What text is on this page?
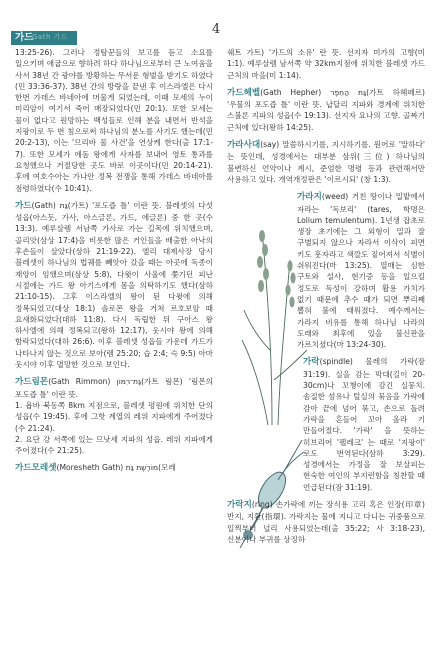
가드
Gath 가드	4

13:25-26). 그러나 정탐꾼들의 보고를 듣고 소요를 일으키며 애굽으로 향하려 하다 하나님으로부터 큰 노여움을 사서 38년 간 광야를 방황하는 무서운 형벌을 받기도 하였다(민 33:36-37). 38년 간의 방랑을 끝낸 후 이스라엘은 다시 한번 가데스 바네아에 머물게 되었는데, 이때 모세의 누이 미리암이 여기서 죽어 매장되었다(민 20:1). 또한 모세는 물이 없다고 원망하는 백성들로 인해 분을 내면서 반석을 지팡이로 두 번 침으로써 하나님의 분노를 사기도 했는데(민 20:2-13), 이는 '므리바 물 사건'을 연상케 한다(출 17:1-7). 또한 모세가 에돔 왕에게 사자를 보내어 영토 통과를 요청했으나 거절당한 곳도 바로 이곳이다(민 20:14-21). 후에 여호수아는 가나안 정복 전쟁을 통해 가데스 바네아를 점령하였다(수 10:41).

가드(Gath) גַּת(가트) '포도즙 틀' 이란 뜻. 블레셋의 다섯 성읍(아스돗, 가사, 아스글론, 가드, 에글론) 중 한 곳(수 13:3). 예루살렘 서남쪽 가사로 가는 길목에 위치했으며, 골리앗(삼상 17:4)을 비롯한 많은 거인들을 배출한 아낙의 후손들이 살았다(삼하 21:19-22). 엘리 대제사장 당시 블레셋이 하나님의 법궤를 빼앗아 갔을 때는 아곳에 독종이 재앙이 임했으며(삼상 5:8), 다윗이 사울에 쫓기던 피난 시절에는 가드 왕 아기스에게 몸을 의탁하기도 했다(삼하 21:10-15). 그후 이스라엘의 왕이 된 다윗에 의해 정복되었고(대상 18:1) 솔로몬 왕을 거쳐 르호보암 때 요새화되었다(대하 11:8). 다시 독립한 뒤 구아스 왕 하사엘에 의해 정복되고(왕하 12:17), 웃시야 왕에 의해 함락되었다(대하 26:6). 이후 블레셋 성읍들 가운데 가드가 나타나지 않는 것으로 보아(렘 25:20; 습 2:4; 슥 9:5) 아마 웃시야 이후 멸망한 것으로 보인다.

가드림몬(Gath Rimmon) גַּת־רִמּוֹן(가트 림몬) '림몬의 포도즙 틀' 이란 뜻.
1. 욥바 북동쪽 8km 지점으로, 블레셋 평원에 위치한 단의 성읍(수 19:45). 후에 그핫 계열의 레위 지파에게 주어졌다(수 21:24).
2. 요단 강 서쪽에 있는 므낫세 지파의 성읍. 레위 지파에게 주어졌다(수 21:25).

가드모레셋(Moresheth Gath) מוֹרֶשֶׁת גַּת(모레

쉐트 가트) '가드의 소유' 란 뜻. 선지자 미가의 고향(미 1:1). 예루살렘 남서쪽 약 32km지점에 위치한 블레셋 가드 근처의 마을(미 1:14).

가드헤벨(Gath Hepher) גַּת הַחֵפֶר(가트 하헤페르) '우물의 포도즙 틀' 이란 뜻. 납달리 지파와 경계에 위치한 스불론 지파의 성읍(수 19:13). 선지자 요나의 고향. 골짜기 근처에 있다(왕하 14:25).

가라사대(say) 말씀하시기를, 지시하기를. 원어로 '말하다' 는 뜻인데, 성경에서는 대부분 삼위(三位) 하나님의 불변하신 언약이나 계시, 준엄한 명령 등과 관련해서만 사용하고 있다. 개역개정판은 '이르시되' (창 1:3).

가라지(weed) 거친 땅이나 밀밭에서 자라는 '독보리' (tares, 학명은 Lolium temulentum). 1년생 잡초로 생장 초기에는 그 외형이 밀과 잘 구별되지 않으나 자라서 이삭이 피면 키도 훗자라고 색깔도 짙어져서 식별이 쉬워진다(마 13:25). 열매는 심한 구토와 설사, 현기증 등을 일으킬 정도로 독성이 강하며 활용 가치가 없기 때문에 추수 때가 되면 뿌리째 뽑혀 불에 태워졌다. 예수께서는 가라지 비유를 통해 하나님 나라의 도래와 최후에 있을 불신판을 가르치셨다(마 13:24-30).

가락(spindle) 물레의 가락(잠 31:19). 실을 감는 막대(길이 20-30cm)나 꼬챙이에 감긴 실뭉치. 솜질한 섬유나 털실의 묶음을 가락에 감아 끝에 넘어 묶고, 손으로 돌려 가락을 흔들어 꼬아 올라 기 만들어졌다. '가락' 을 뜻하는 히브리어 '펠레크' 는 때로 '지팡이' 로도 번역된다(삼하 3:29). 성경에서는 가정을 잘 보살피는 현숙한 여인의 부지런함을 칭찬할 때 언급된다(잠 31:19).

가락지(ring) 손가락에 끼는 장식용 고리 혹은 인장(印章) 반지, 지환(指環). 가락지는 물에 지니고 다니는 귀중품으로 일찍부터 널리 사용되었는데(출 35:22; 사 3:18-23), 신분이나 부귀를 상징하
